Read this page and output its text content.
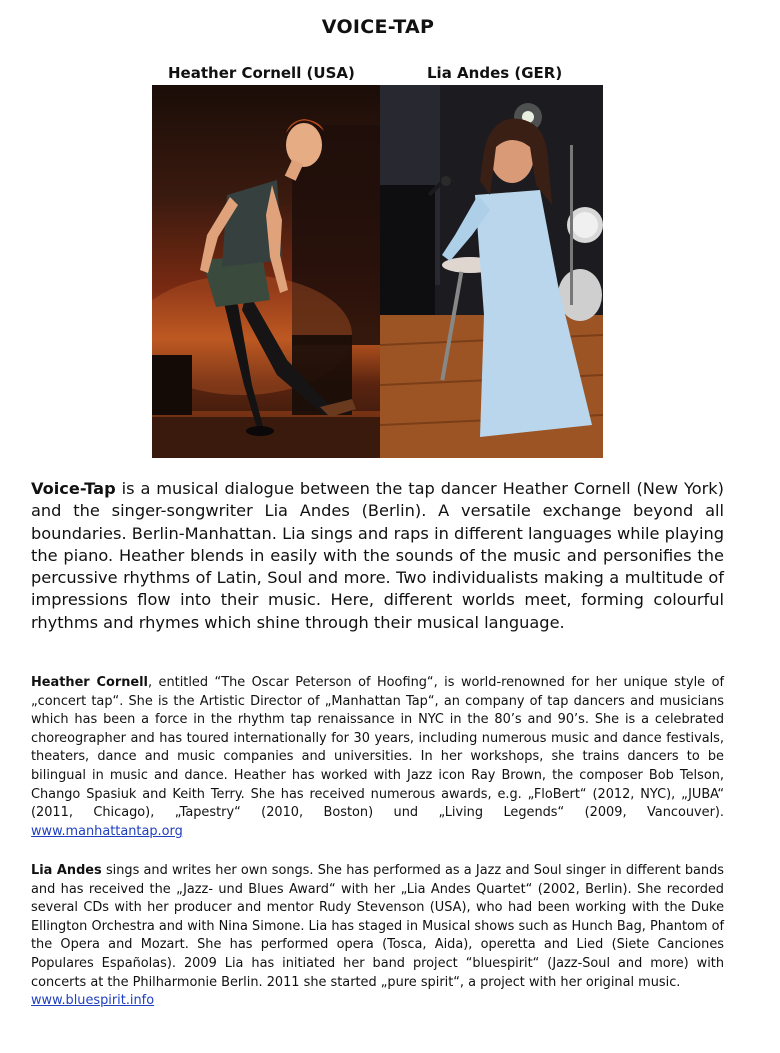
VOICE-TAP
Heather Cornell (USA)	Lia Andes (GER)

Voice-Tap is a musical dialogue between the tap dancer Heather Cornell (New York) and the singer-songwriter Lia Andes (Berlin). A versatile exchange beyond all boundaries. Berlin-Manhattan. Lia sings and raps in different languages while playing the piano. Heather blends in easily with the sounds of the music and personifies the percussive rhythms of Latin, Soul and more. Two individualists making a multitude of impressions flow into their music. Here, different worlds meet, forming colourful rhythms and rhymes which shine through their musical language.

Heather Cornell, entitled “The Oscar Peterson of Hoofing“, is world-renowned for her unique style of „concert tap“. She is the Artistic Director of „Manhattan Tap“, an company of tap dancers and musicians which has been a force in the rhythm tap renaissance in NYC in the 80’s and 90’s. She is a celebrated choreographer and has toured internationally for 30 years, including numerous music and dance festivals, theaters, dance and music companies and universities. In her workshops, she trains dancers to be bilingual in music and dance. Heather has worked with Jazz icon Ray Brown, the composer Bob Telson, Chango Spasiuk and Keith Terry. She has received numerous awards, e.g. „FloBert“ (2012, NYC), „JUBA“ (2011, Chicago), „Tapestry“ (2010, Boston) und „Living Legends“ (2009, Vancouver). www.manhattantap.org

Lia Andes sings and writes her own songs. She has performed as a Jazz and Soul singer in different bands and has received the „Jazz- und Blues Award“ with her „Lia Andes Quartet“ (2002, Berlin). She recorded several CDs with her producer and mentor Rudy Stevenson (USA), who had been working with the Duke Ellington Orchestra and with Nina Simone. Lia has staged in Musical shows such as Hunch Bag, Phantom of the Opera and Mozart. She has performed opera (Tosca, Aida), operetta and Lied (Siete Canciones Populares Españolas). 2009 Lia has initiated her band project “bluespirit“ (Jazz-Soul and more) with concerts at the Philharmonie Berlin. 2011 she started „pure spirit“, a project with her original music.
www.bluespirit.info
